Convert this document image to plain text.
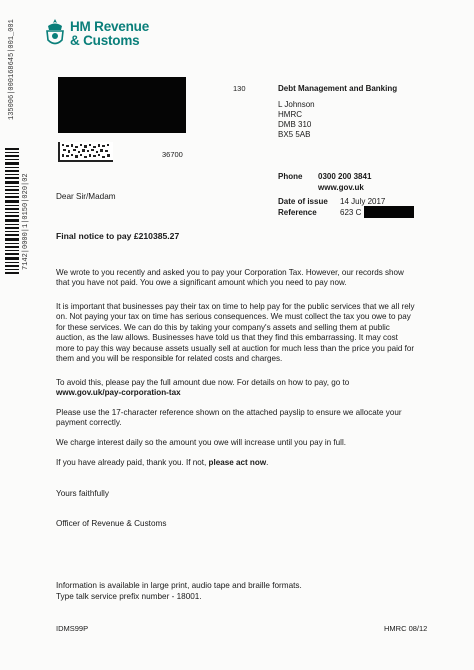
135006|000168645|001_001
7142|0000|1|0150|020|02
HM Revenue
& Customs
36700
130	Debt Management and Banking
L Johnson
HMRC
DMB 310
BX5 5AB
Phone 0300 200 3841
www.gov.uk
Date of issue 14 July 2017
Reference	623 C
Dear Sir/Madam
Final notice to pay £210385.27
We wrote to you recently and asked you to pay your Corporation Tax. However, our records show that you have not paid. You owe a significant amount which you need to pay now.
It is important that businesses pay their tax on time to help pay for the public services that we all rely on. Not paying your tax on time has serious consequences. We must collect the tax you owe to pay for these services. We can do this by taking your company's assets and selling them at public auction, as the law allows. Businesses have told us that they find this embarrassing. It may cost more to pay this way because assets usually sell at auction for much less than the price you paid for them and you will be responsible for related costs and charges.
To avoid this, please pay the full amount due now. For details on how to pay, go to
www.gov.uk/pay-corporation-tax
Please use the 17-character reference shown on the attached payslip to ensure we allocate your payment correctly.
We charge interest daily so the amount you owe will increase until you pay in full.
If you have already paid, thank you. If not, please act now.
Yours faithfully
Officer of Revenue & Customs
Information is available in large print, audio tape and braille formats.
Type talk service prefix number - 18001.
IDMS99P	HMRC 08/12
